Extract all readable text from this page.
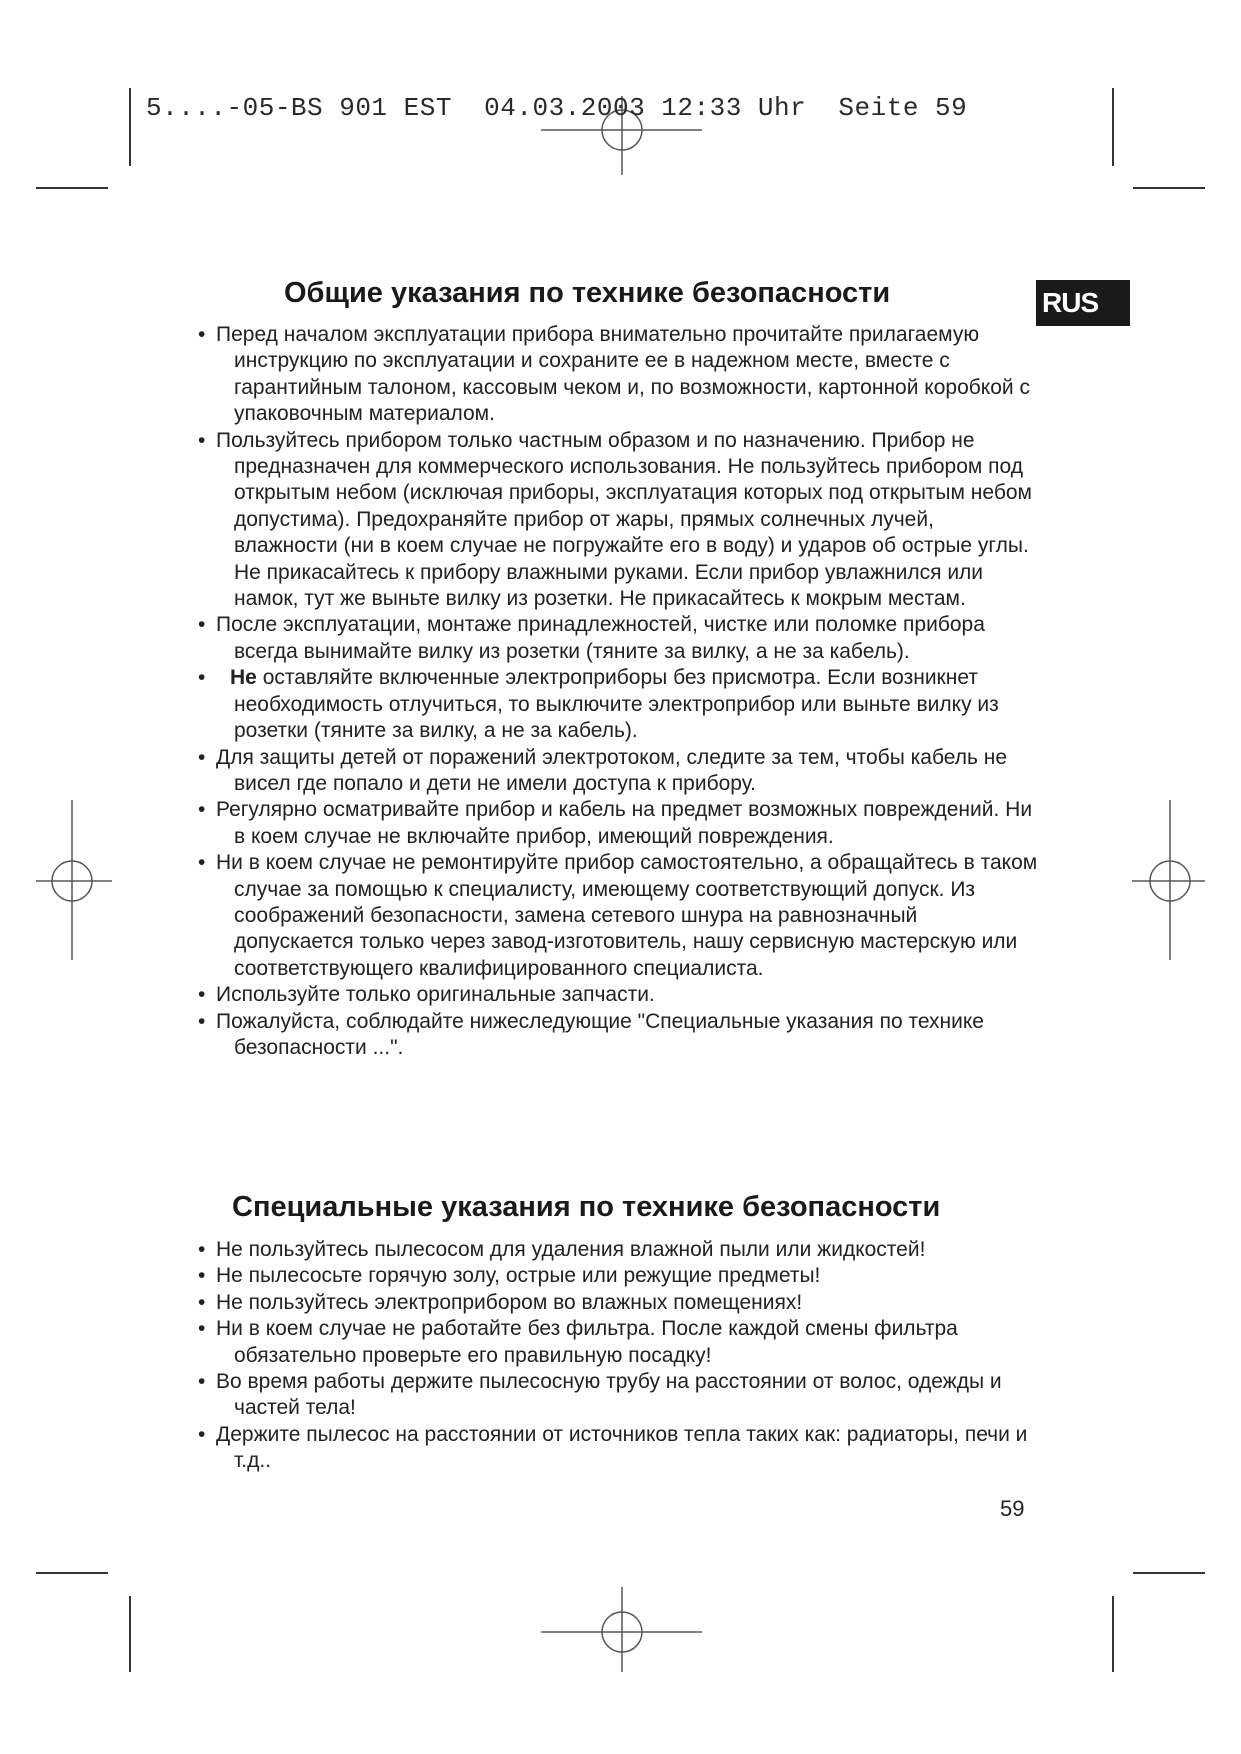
5....-05-BS 901 EST  04.03.2003 12:33 Uhr  Seite 59
RUS
Общие указания по технике безопасности
• Перед началом эксплуатации прибора внимательно прочитайте прилагаемую инструкцию по эксплуатации и сохраните ее в надежном месте, вместе с гарантийным талоном, кассовым чеком и, по возможности, картонной коробкой с упаковочным материалом.
• Пользуйтесь прибором только частным образом и по назначению. Прибор не предназначен для коммерческого использования. Не пользуйтесь прибором под открытым небом (исключая приборы, эксплуатация которых под открытым небом допустима). Предохраняйте прибор от жары, прямых солнечных лучей, влажности (ни в коем случае не погружайте его в воду) и ударов об острые углы. Не прикасайтесь к прибору влажными руками. Если прибор увлажнился или намок, тут же выньте вилку из розетки. Не прикасайтесь к мокрым местам.
• После эксплуатации, монтаже принадлежностей, чистке или поломке прибора всегда вынимайте вилку из розетки (тяните за вилку, а не за кабель).
• Не оставляйте включенные электроприборы без присмотра. Если возникнет необходимость отлучиться, то выключите электроприбор или выньте вилку из розетки (тяните за вилку, а не за кабель).
• Для защиты детей от поражений электротоком, следите за тем, чтобы кабель не висел где попало и дети не имели доступа к прибору.
• Регулярно осматривайте прибор и кабель на предмет возможных повреждений. Ни в коем случае не включайте прибор, имеющий повреждения.
• Ни в коем случае не ремонтируйте прибор самостоятельно, а обращайтесь в таком случае за помощью к специалисту, имеющему соответствующий допуск. Из соображений безопасности, замена сетевого шнура на равнозначный допускается только через завод-изготовитель, нашу сервисную мастерскую или соответствующего квалифицированного специалиста.
• Используйте только оригинальные запчасти.
• Пожалуйста, соблюдайте нижеследующие "Специальные указания по технике безопасности ...".
Специальные указания по технике безопасности
• Не пользуйтесь пылесосом для удаления влажной пыли или жидкостей!
• Не пылесосьте горячую золу, острые или режущие предметы!
• Не пользуйтесь электроприбором во влажных помещениях!
• Ни в коем случае не работайте без фильтра. После каждой смены фильтра обязательно проверьте его правильную посадку!
• Во время работы держите пылесосную трубу на расстоянии от волос, одежды и частей тела!
• Держите пылесос на расстоянии от источников тепла таких как: радиаторы, печи и т.д..
59
